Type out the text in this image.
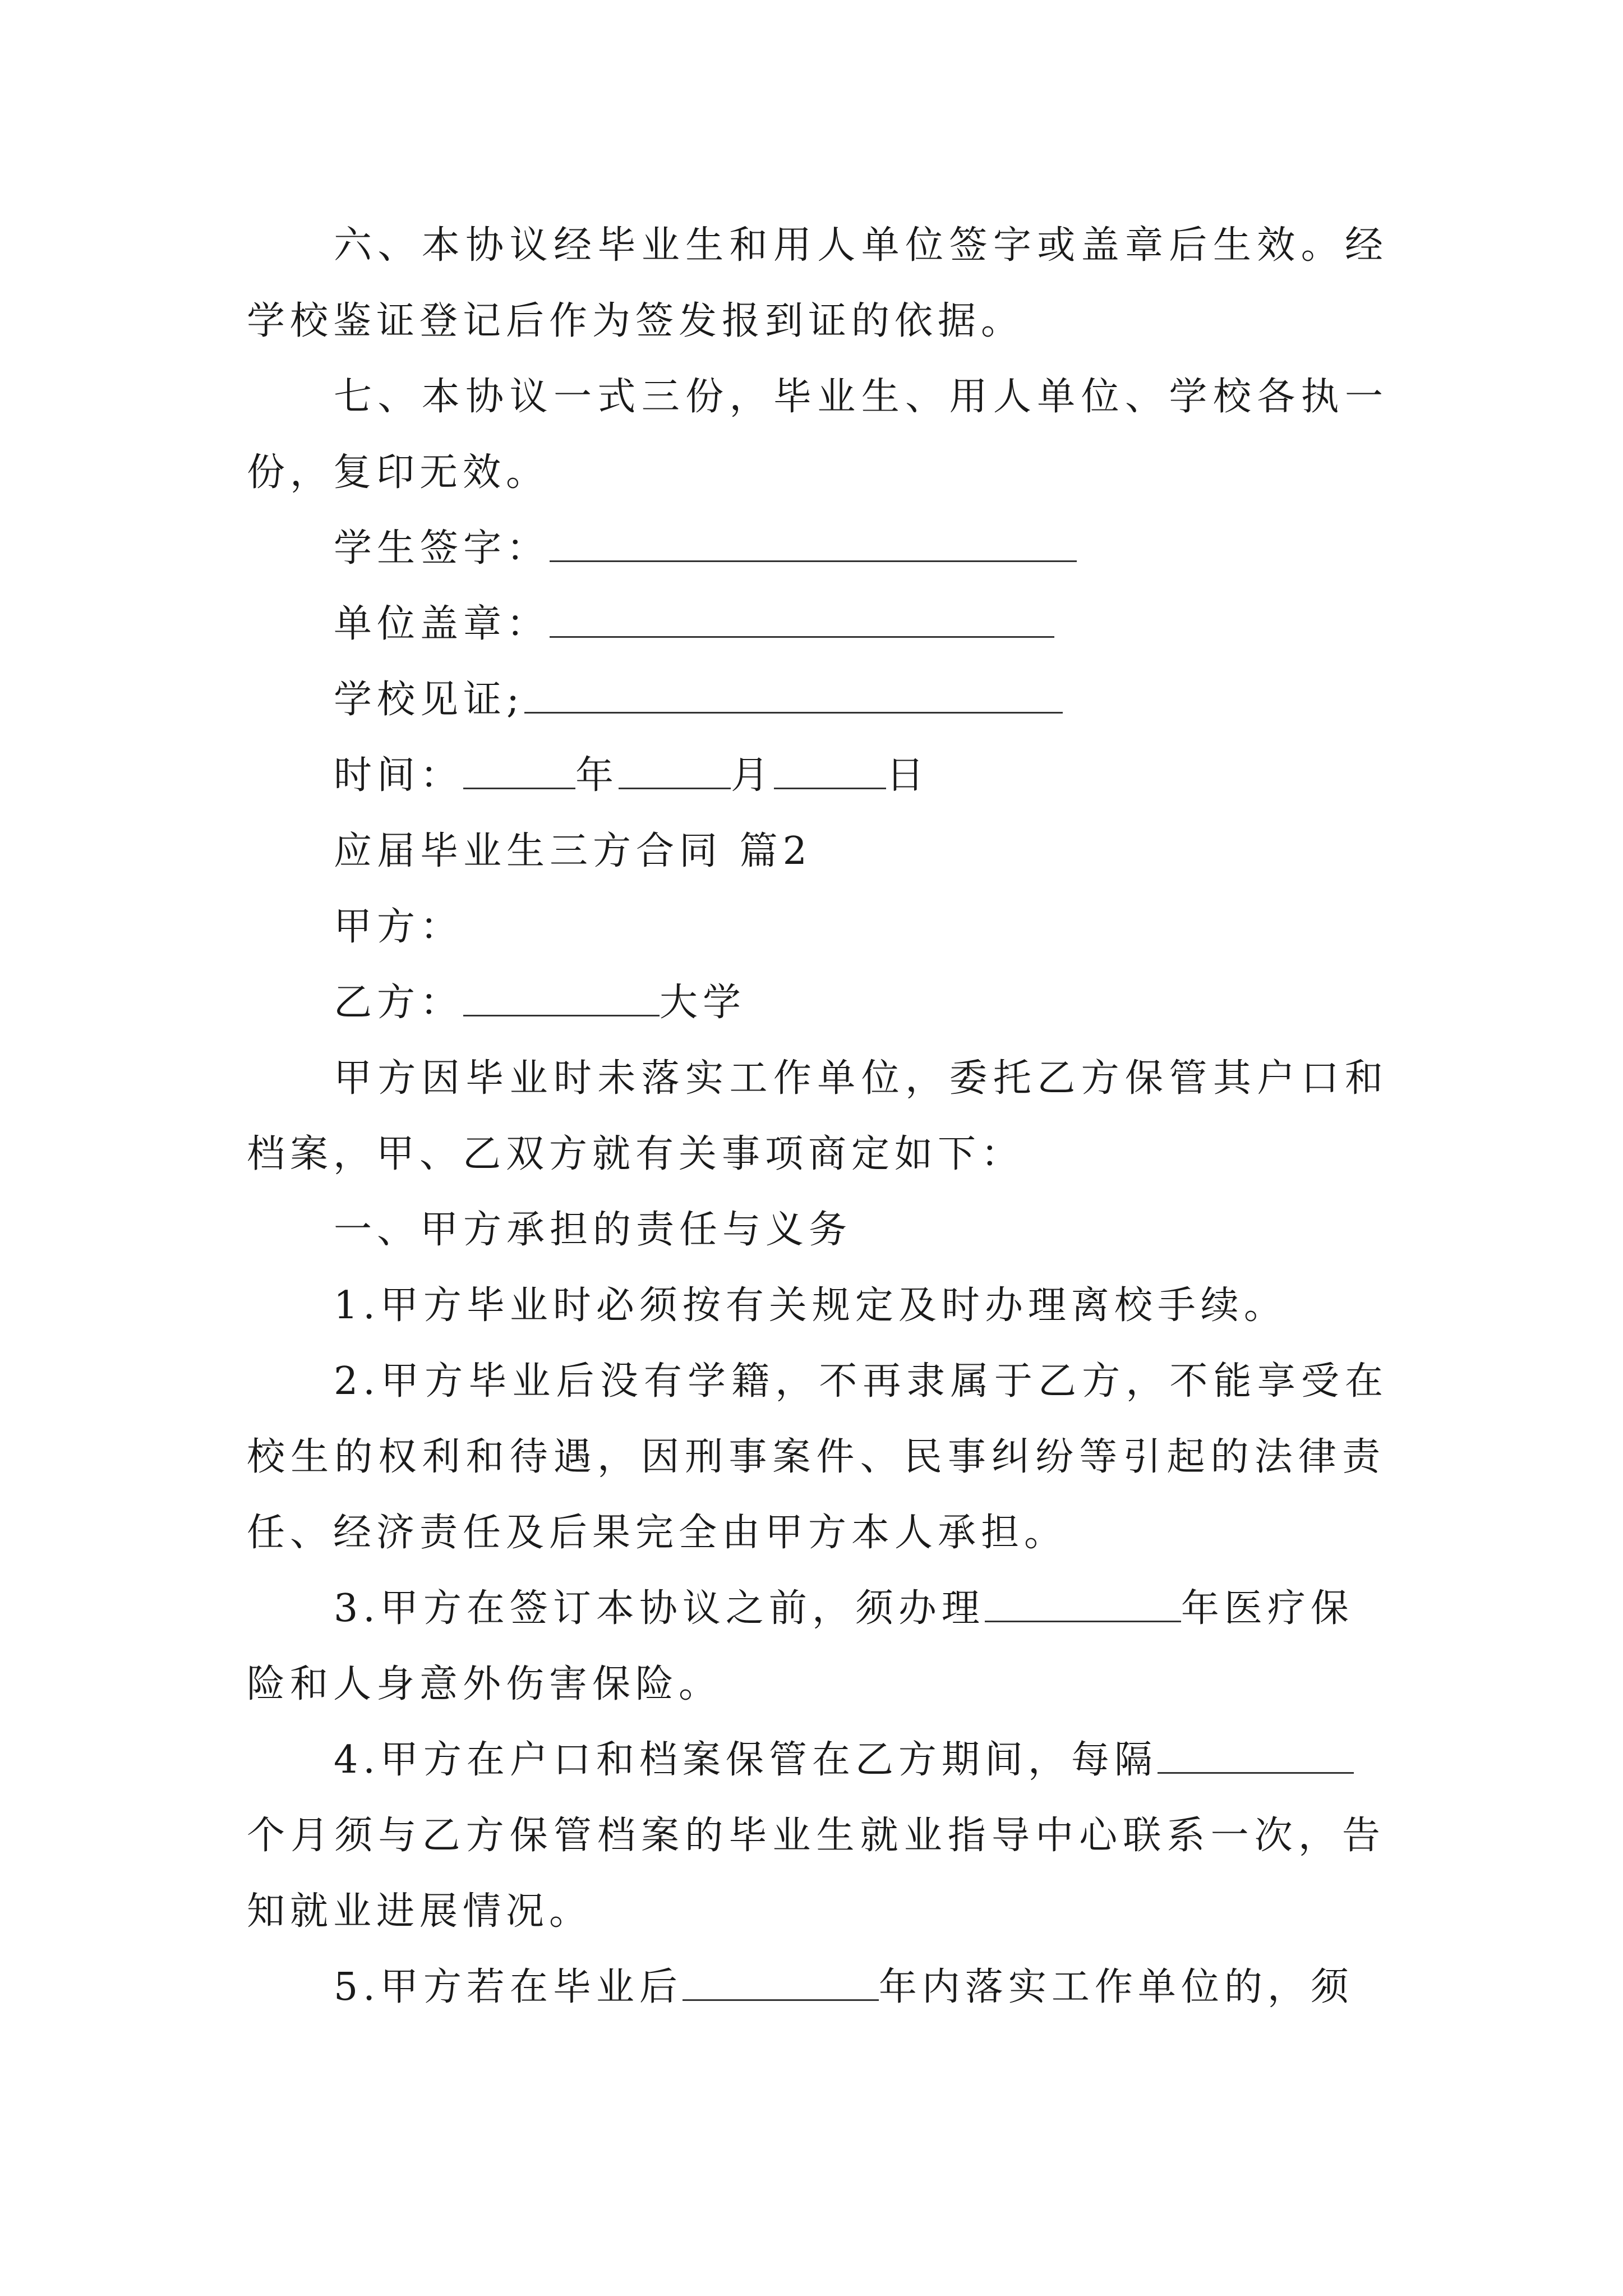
六、本协议经毕业生和用人单位签字或盖章后生效。经
学校鉴证登记后作为签发报到证的依据。
七、本协议一式三份，毕业生、用人单位、学校各执一
份，复印无效。
学生签字：
单位盖章：
学校见证;
时间：	年	月	日
应届毕业生三方合同 篇2
甲方：
乙方：	大学
甲方因毕业时未落实工作单位，委托乙方保管其户口和
档案，甲、乙双方就有关事项商定如下：
一、甲方承担的责任与义务
1.甲方毕业时必须按有关规定及时办理离校手续。
2.甲方毕业后没有学籍，不再隶属于乙方，不能享受在
校生的权利和待遇，因刑事案件、民事纠纷等引起的法律责
任、经济责任及后果完全由甲方本人承担。
3.甲方在签订本协议之前，须办理	年医疗保
险和人身意外伤害保险。
4.甲方在户口和档案保管在乙方期间，每隔
个月须与乙方保管档案的毕业生就业指导中心联系一次，告
知就业进展情况。
5.甲方若在毕业后	年内落实工作单位的，须
